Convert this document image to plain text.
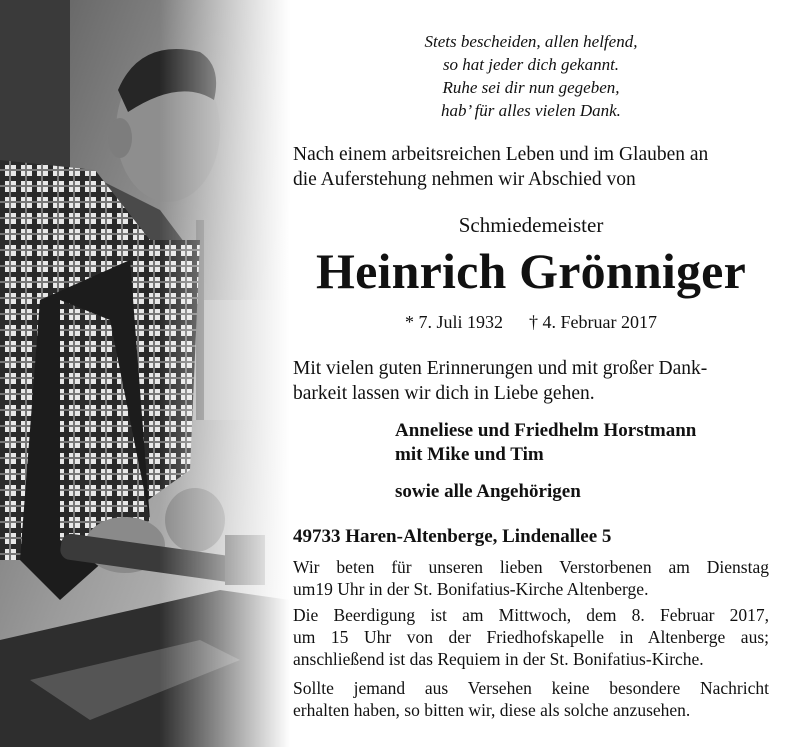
Stets bescheiden, allen helfend,
so hat jeder dich gekannt.
Ruhe sei dir nun gegeben,
hab’ für alles vielen Dank.
Nach einem arbeitsreichen Leben und im Glauben an
die Auferstehung nehmen wir Abschied von
Schmiedemeister
Heinrich Grönniger
* 7. Juli 1932 † 4. Februar 2017
Mit vielen guten Erinnerungen und mit großer Dank-
barkeit lassen wir dich in Liebe gehen.
Anneliese und Friedhelm Horstmann
mit Mike und Tim
sowie alle Angehörigen
49733 Haren-Altenberge, Lindenallee 5
Wir beten für unseren lieben Verstorbenen am Dienstag
um19 Uhr in der St. Bonifatius-Kirche Altenberge.
Die Beerdigung ist am Mittwoch, dem 8. Februar 2017,
um 15 Uhr von der Friedhofskapelle in Altenberge aus;
anschließend ist das Requiem in der St. Bonifatius-Kirche.
Sollte jemand aus Versehen keine besondere Nachricht
erhalten haben, so bitten wir, diese als solche anzusehen.
